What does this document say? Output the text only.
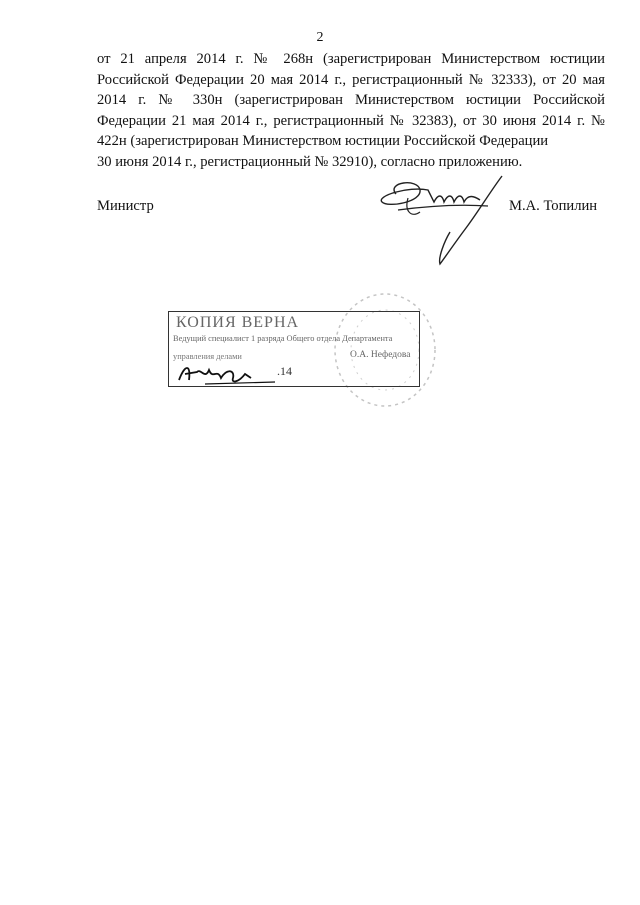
2
от 21 апреля 2014 г. № 268н (зарегистрирован Министерством юстиции Российской Федерации 20 мая 2014 г., регистрационный № 32333), от 20 мая 2014 г. № 330н (зарегистрирован Министерством юстиции Российской Федерации 21 мая 2014 г., регистрационный № 32383), от 30 июня 2014 г. № 422н (зарегистрирован Министерством юстиции Российской Федерации
30 июня 2014 г., регистрационный № 32910), согласно приложению.
Министр	М.А. Топилин
КОПИЯ ВЕРНА
Ведущий специалист 1 разряда Общего отдела Департамента
управления делами	О.А. Нефедова
.14
